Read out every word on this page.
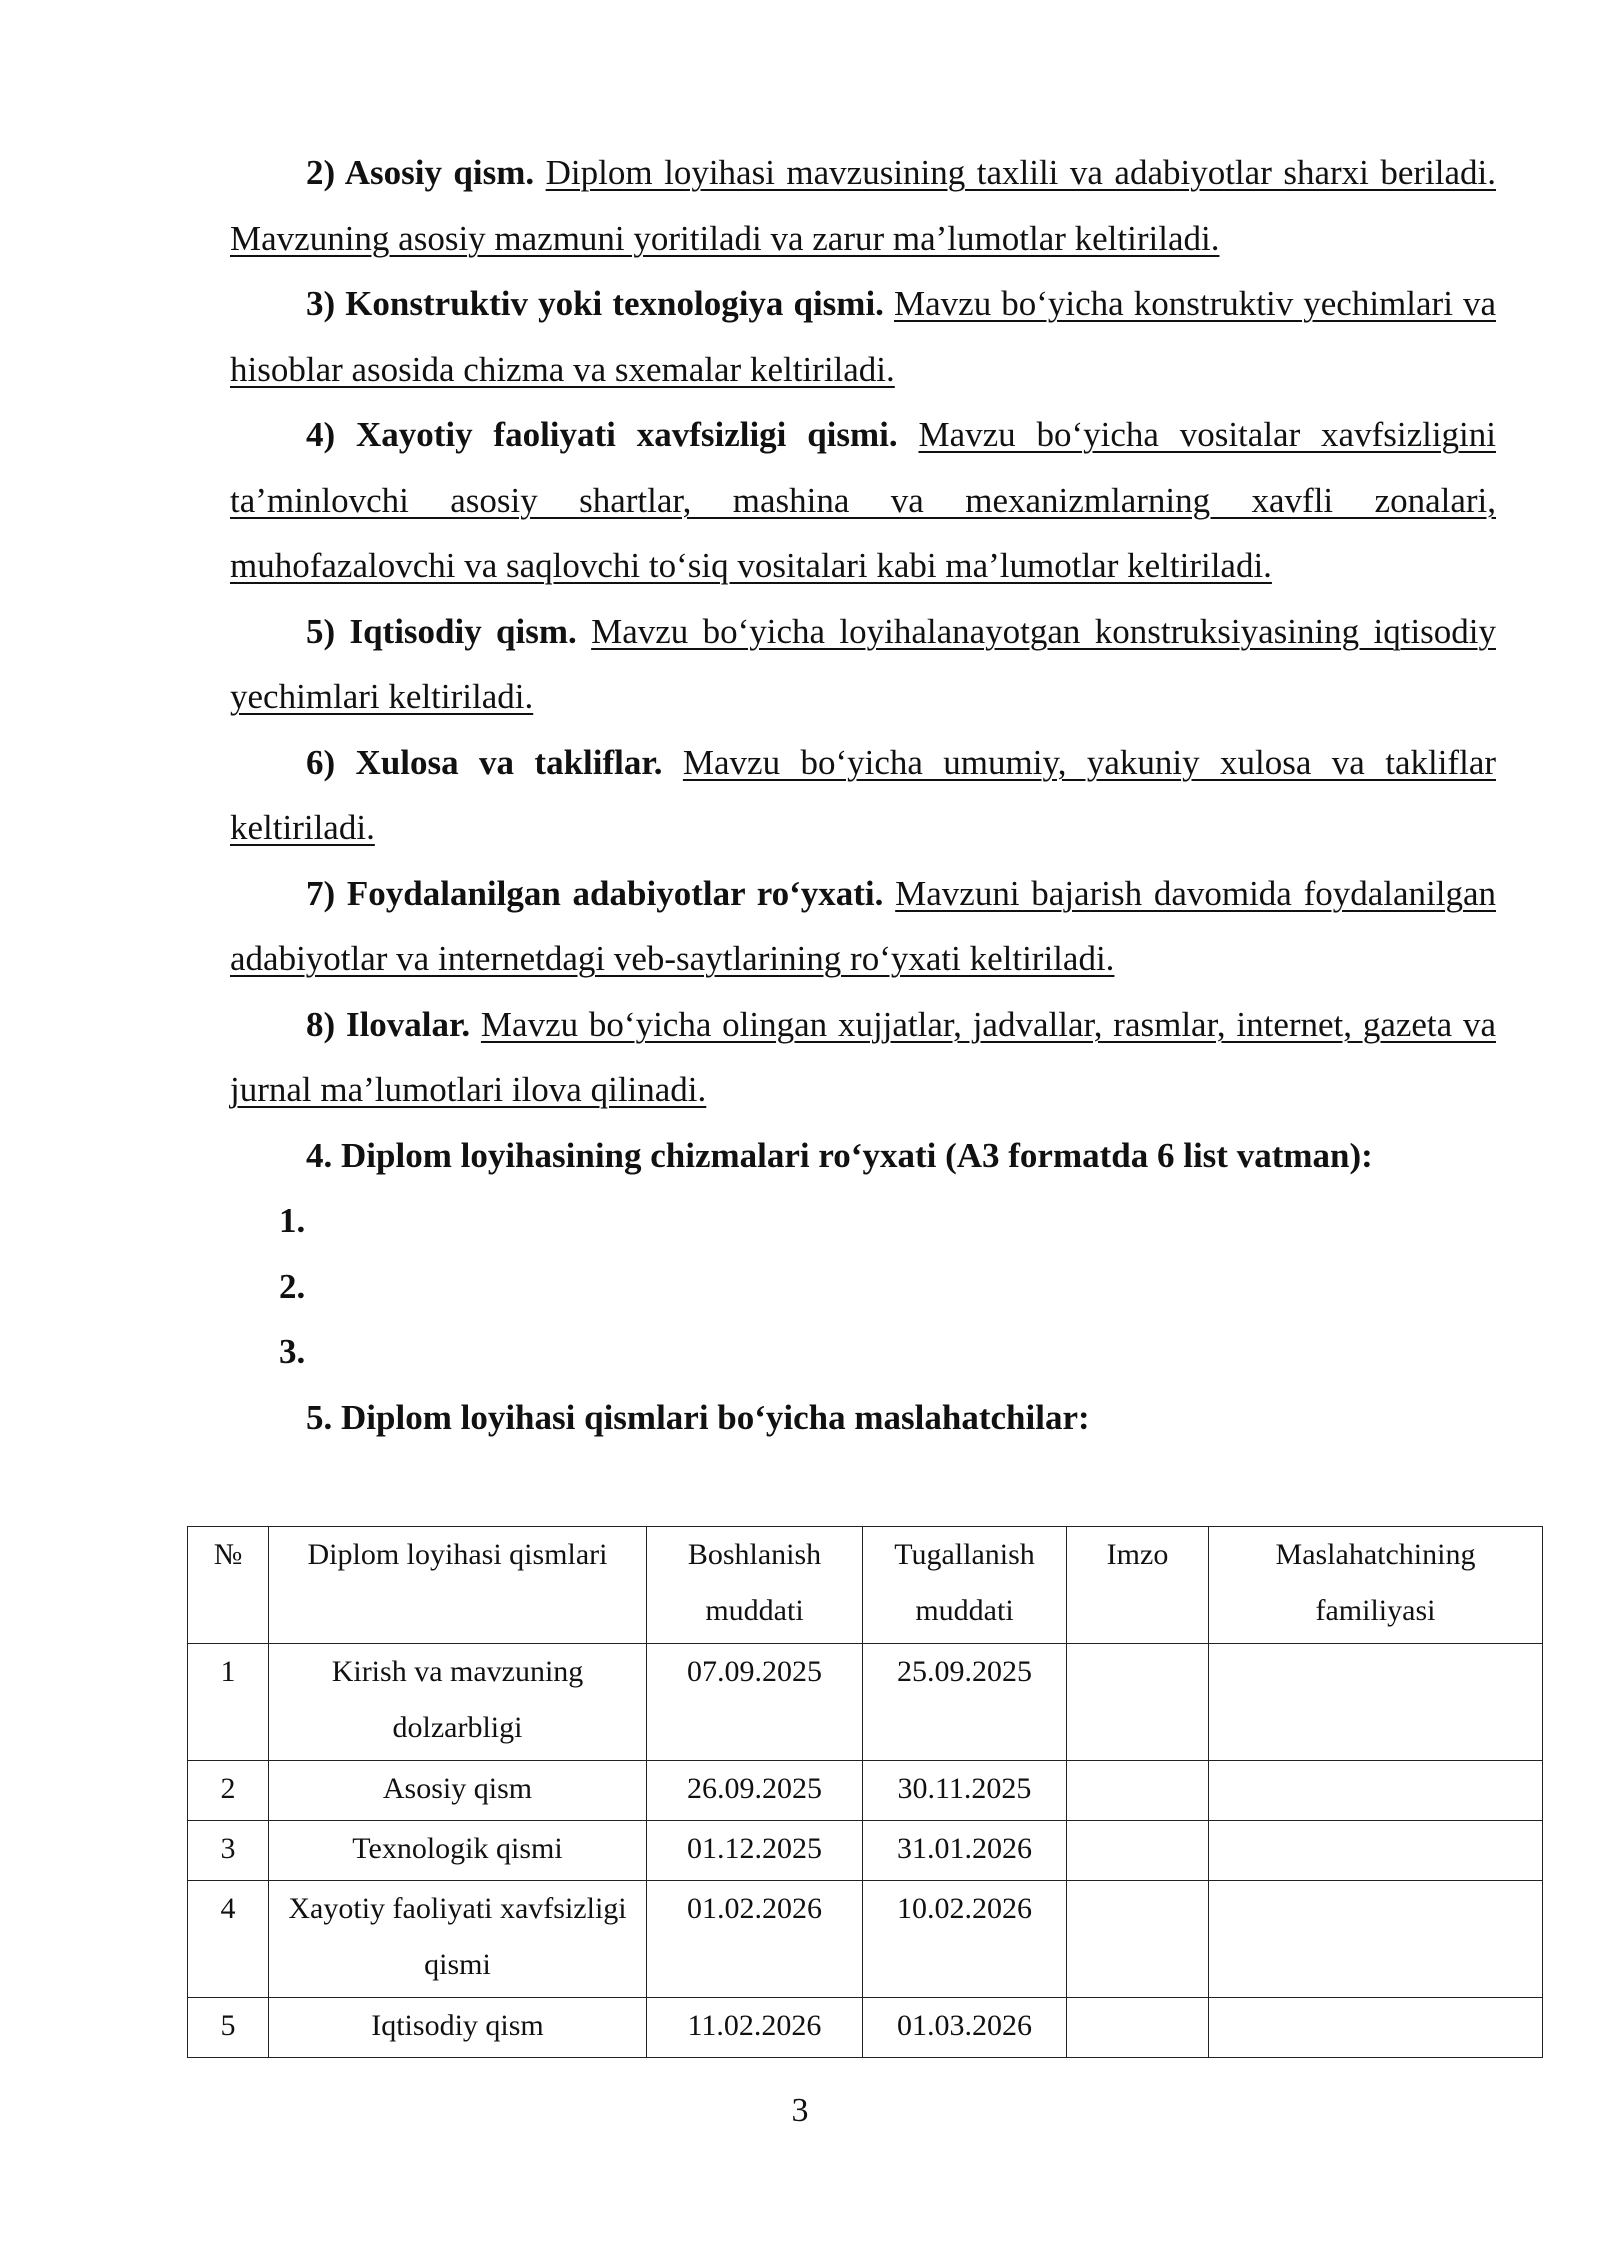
2) Asosiy qism. Diplom loyihasi mavzusining taxlili va adabiyotlar sharxi beriladi. Mavzuning asosiy mazmuni yoritiladi va zarur ma’lumotlar keltiriladi.

3) Konstruktiv yoki texnologiya qismi. Mavzu bo‘yicha konstruktiv yechimlari va hisoblar asosida chizma va sxemalar keltiriladi.

4) Xayotiy faoliyati xavfsizligi qismi. Mavzu bo‘yicha vositalar xavfsizligini ta’minlovchi asosiy shartlar, mashina va mexanizmlarning xavfli zonalari, muhofazalovchi va saqlovchi to‘siq vositalari kabi ma’lumotlar keltiriladi.

5) Iqtisodiy qism. Mavzu bo‘yicha loyihalanayotgan konstruksiyasining iqtisodiy yechimlari keltiriladi.

6) Xulosa va takliflar. Mavzu bo‘yicha umumiy, yakuniy xulosa va takliflar keltiriladi.

7) Foydalanilgan adabiyotlar ro‘yxati. Mavzuni bajarish davomida foydalanilgan adabiyotlar va internetdagi veb-saytlarining ro‘yxati keltiriladi.

8) Ilovalar. Mavzu bo‘yicha olingan xujjatlar, jadvallar, rasmlar, internet, gazeta va jurnal ma’lumotlari ilova qilinadi.

4. Diplom loyihasining chizmalari ro‘yxati (A3 formatda 6 list vatman):

1.
2.
3.

5. Diplom loyihasi qismlari bo‘yicha maslahatchilar:

№	Diplom loyihasi qismlari	Boshlanish muddati	Tugallanish muddati	Imzo	Maslahatchining familiyasi
1	Kirish va mavzuning dolzarbligi	07.09.2025	25.09.2025		
2	Asosiy qism	26.09.2025	30.11.2025		
3	Texnologik qismi	01.12.2025	31.01.2026		
4	Xayotiy faoliyati xavfsizligi qismi	01.02.2026	10.02.2026		
5	Iqtisodiy qism	11.02.2026	01.03.2026		
3
